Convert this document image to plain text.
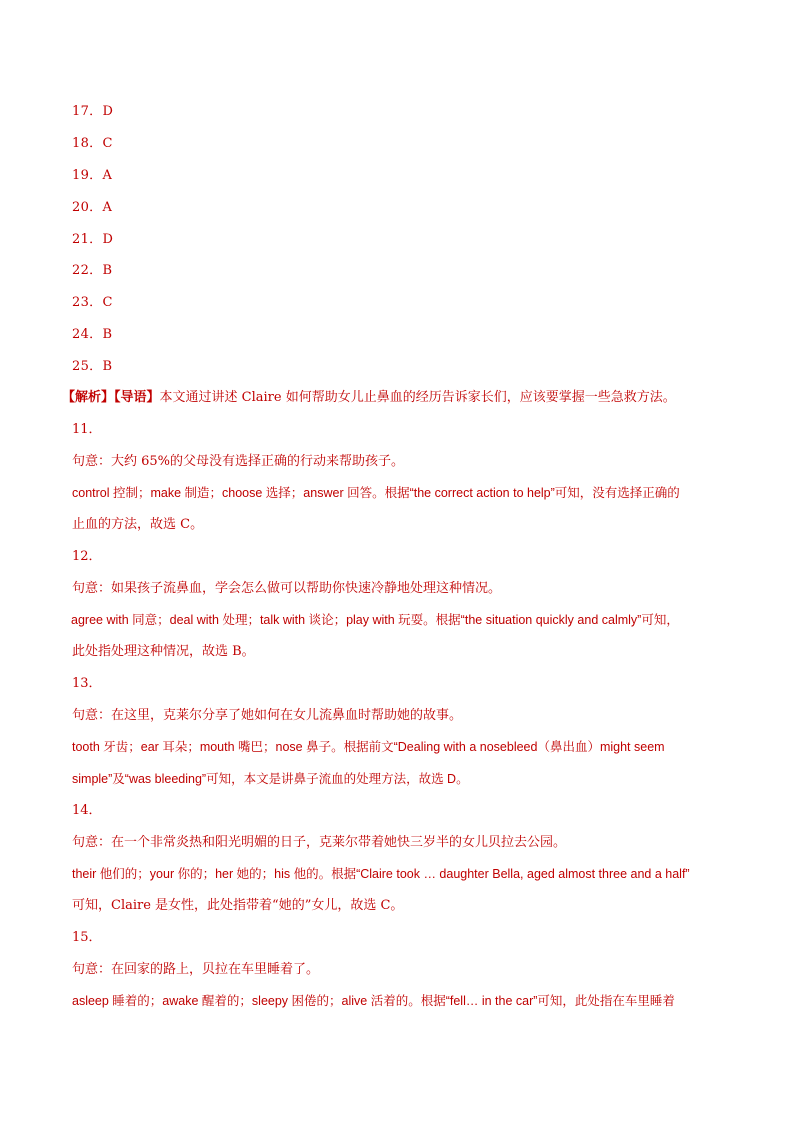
17．D
18．C
19．A
20．A
21．D
22．B
23．C
24．B
25．B
【解析】【导语】本文通过讲述 Claire 如何帮助女儿止鼻血的经历告诉家长们，应该要掌握一些急救方法。
11．
句意：大约 65%的父母没有选择正确的行动来帮助孩子。
control 控制；make 制造；choose 选择；answer 回答。根据“the correct action to help”可知，没有选择正确的
止血的方法，故选 C。
12．
句意：如果孩子流鼻血，学会怎么做可以帮助你快速冷静地处理这种情况。
agree with 同意；deal with 处理；talk with 谈论；play with 玩耍。根据“the situation quickly and calmly”可知，
此处指处理这种情况，故选 B。
13．
句意：在这里，克莱尔分享了她如何在女儿流鼻血时帮助她的故事。
tooth 牙齿；ear 耳朵；mouth 嘴巴；nose 鼻子。根据前文“Dealing with a nosebleed（鼻出血）might seem
simple”及“was bleeding”可知，本文是讲鼻子流血的处理方法，故选 D。
14．
句意：在一个非常炎热和阳光明媚的日子，克莱尔带着她快三岁半的女儿贝拉去公园。
their 他们的；your 你的；her 她的；his 他的。根据“Claire took … daughter Bella, aged almost three and a half”
可知，Claire 是女性，此处指带着“她的”女儿，故选 C。
15．
句意：在回家的路上，贝拉在车里睡着了。
asleep 睡着的；awake 醒着的；sleepy 困倦的；alive 活着的。根据“fell… in the car”可知，此处指在车里睡着
